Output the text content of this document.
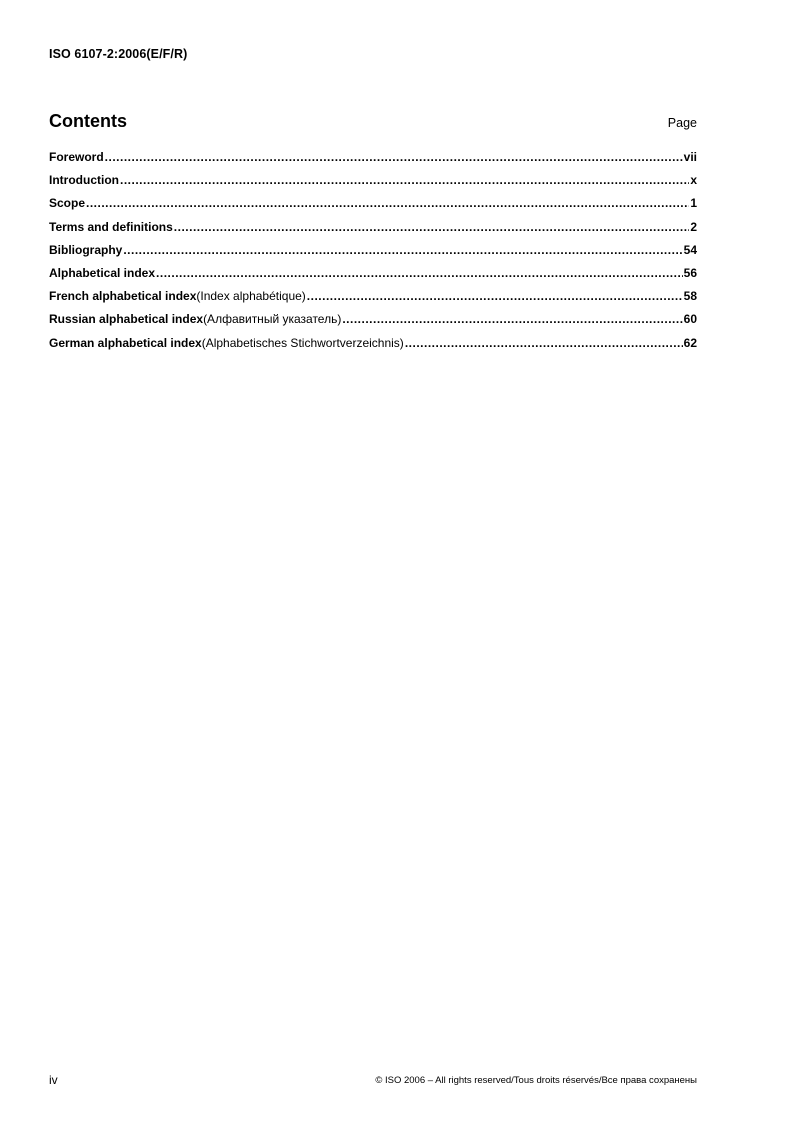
ISO 6107-2:2006(E/F/R)
Contents	Page
Foreword .....	vii
Introduction .....	x
Scope .....	1
Terms and definitions .....	2
Bibliography .....	54
Alphabetical index .....	56
French alphabetical index (Index alphabétique) .....	58
Russian alphabetical index (Алфавитный указатель) .....	60
German alphabetical index (Alphabetisches Stichwortverzeichnis) .....	62
iv	© ISO 2006 – All rights reserved/Tous droits réservés/Все права сохранены
